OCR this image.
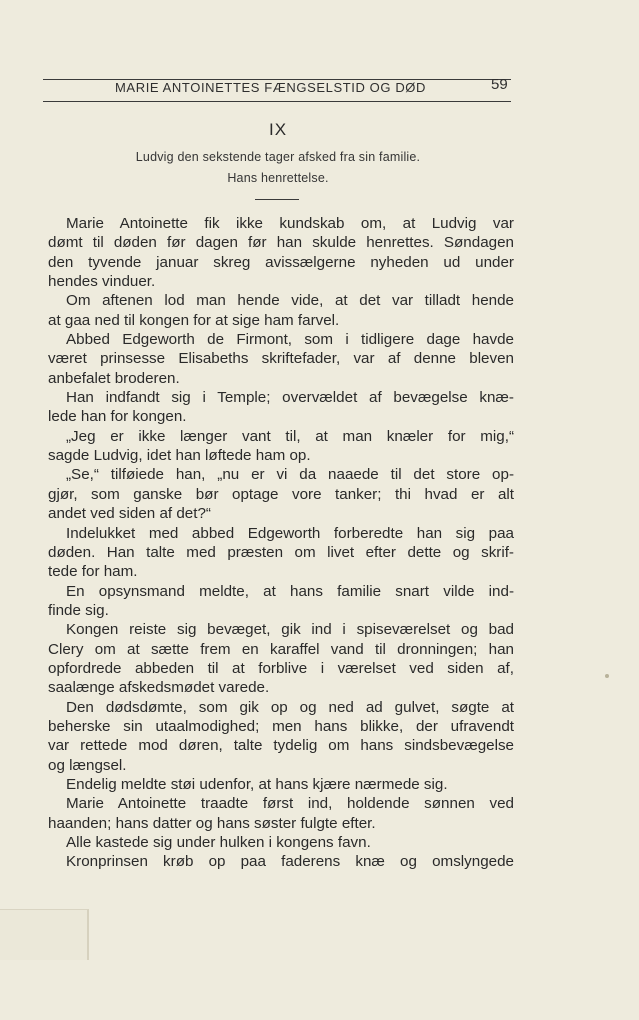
MARIE ANTOINETTES FÆNGSELSTID OG DØD	59
IX
Ludvig den sekstende tager afsked fra sin familie.
Hans henrettelse.
Marie Antoinette fik ikke kundskab om, at Ludvig var
dømt til døden før dagen før han skulde henrettes. Søndagen
den tyvende januar skreg avissælgerne nyheden ud under
hendes vinduer.
Om aftenen lod man hende vide, at det var tilladt hende
at gaa ned til kongen for at sige ham farvel.
Abbed Edgeworth de Firmont, som i tidligere dage havde
været prinsesse Elisabeths skriftefader, var af denne bleven
anbefalet broderen.
Han indfandt sig i Temple; overvældet af bevægelse knæ-
lede han for kongen.
„Jeg er ikke længer vant til, at man knæler for mig,“
sagde Ludvig, idet han løftede ham op.
„Se,“ tilføiede han, „nu er vi da naaede til det store op-
gjør, som ganske bør optage vore tanker; thi hvad er alt
andet ved siden af det?“
Indelukket med abbed Edgeworth forberedte han sig paa
døden. Han talte med præsten om livet efter dette og skrif-
tede for ham.
En opsynsmand meldte, at hans familie snart vilde ind-
finde sig.
Kongen reiste sig bevæget, gik ind i spiseværelset og bad
Clery om at sætte frem en karaffel vand til dronningen; han
opfordrede abbeden til at forblive i værelset ved siden af,
saalænge afskedsmødet varede.
Den dødsdømte, som gik op og ned ad gulvet, søgte at
beherske sin utaalmodighed; men hans blikke, der ufravendt
var rettede mod døren, talte tydelig om hans sindsbevægelse
og længsel.
Endelig meldte støi udenfor, at hans kjære nærmede sig.
Marie Antoinette traadte først ind, holdende sønnen ved
haanden; hans datter og hans søster fulgte efter.
Alle kastede sig under hulken i kongens favn.
Kronprinsen krøb op paa faderens knæ og omslyngede
